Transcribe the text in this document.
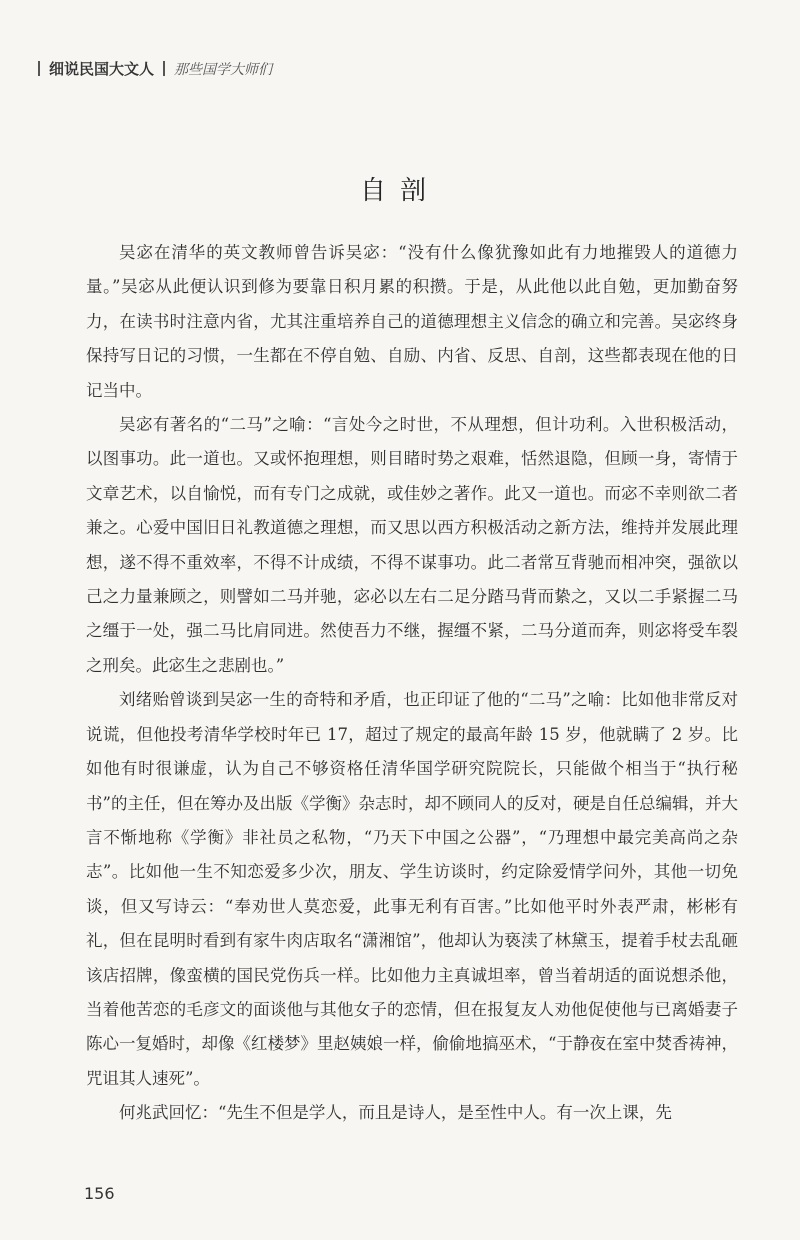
细说民国大文人 那些国学大师们
自剖

吴宓在清华的英文教师曾告诉吴宓：“没有什么像犹豫如此有力地摧毁人的道德力量。”吴宓从此便认识到修为要靠日积月累的积攒。于是，从此他以此自勉，更加勤奋努力，在读书时注意内省，尤其注重培养自己的道德理想主义信念的确立和完善。吴宓终身保持写日记的习惯，一生都在不停自勉、自励、内省、反思、自剖，这些都表现在他的日记当中。

吴宓有著名的“二马”之喻：“言处今之时世，不从理想，但计功利。入世积极活动，以图事功。此一道也。又或怀抱理想，则目睹时势之艰难，恬然退隐，但顾一身，寄情于文章艺术，以自愉悦，而有专门之成就，或佳妙之著作。此又一道也。而宓不幸则欲二者兼之。心爱中国旧日礼教道德之理想，而又思以西方积极活动之新方法，维持并发展此理想，遂不得不重效率，不得不计成绩，不得不谋事功。此二者常互背驰而相冲突，强欲以己之力量兼顾之，则譬如二马并驰，宓必以左右二足分踏马背而絷之，又以二手紧握二马之缰于一处，强二马比肩同进。然使吾力不继，握缰不紧，二马分道而奔，则宓将受车裂之刑矣。此宓生之悲剧也。”

刘绪贻曾谈到吴宓一生的奇特和矛盾，也正印证了他的“二马”之喻：比如他非常反对说谎，但他投考清华学校时年已 17，超过了规定的最高年龄 15 岁，他就瞒了 2 岁。比如他有时很谦虚，认为自己不够资格任清华国学研究院院长，只能做个相当于“执行秘书”的主任，但在筹办及出版《学衡》杂志时，却不顾同人的反对，硬是自任总编辑，并大言不惭地称《学衡》非社员之私物，“乃天下中国之公器”，“乃理想中最完美高尚之杂志”。比如他一生不知恋爱多少次，朋友、学生访谈时，约定除爱情学问外，其他一切免谈，但又写诗云：“奉劝世人莫恋爱，此事无利有百害。”比如他平时外表严肃，彬彬有礼，但在昆明时看到有家牛肉店取名“潇湘馆”，他却认为亵渎了林黛玉，提着手杖去乱砸该店招牌，像蛮横的国民党伤兵一样。比如他力主真诚坦率，曾当着胡适的面说想杀他，当着他苦恋的毛彦文的面谈他与其他女子的恋情，但在报复友人劝他促使他与已离婚妻子陈心一复婚时，却像《红楼梦》里赵姨娘一样，偷偷地搞巫术，“于静夜在室中焚香祷神，咒诅其人速死”。

何兆武回忆：“先生不但是学人，而且是诗人，是至性中人。有一次上课，先

156
